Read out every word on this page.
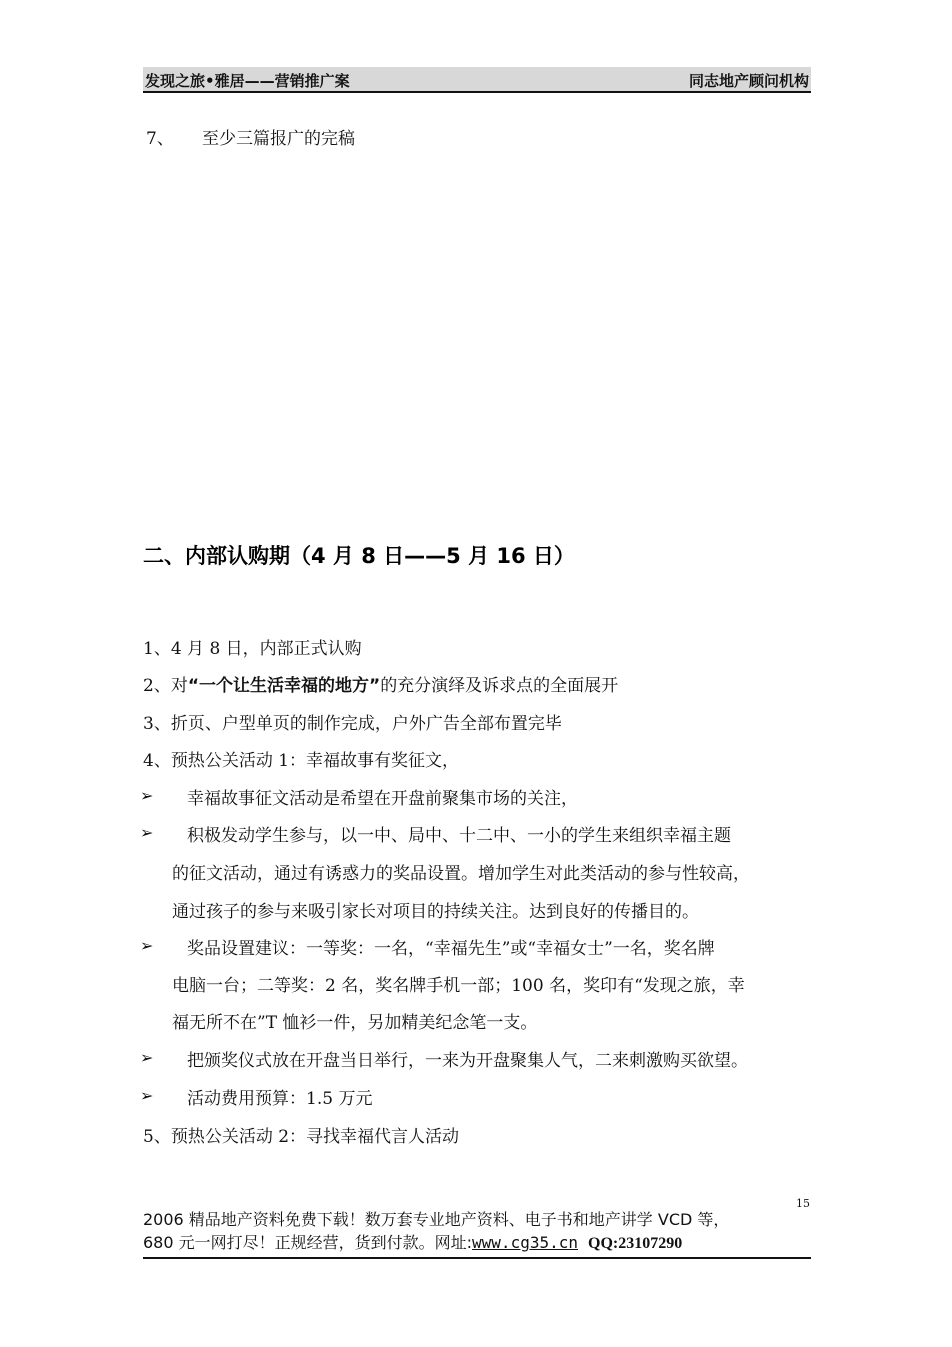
发现之旅•雅居——营销推广案	同志地产顾问机构
7、 至少三篇报广的完稿
二、内部认购期（4 月 8 日——5 月 16 日）
1、4 月 8 日，内部正式认购
2、对“一个让生活幸福的地方”的充分演绎及诉求点的全面展开
3、折页、户型单页的制作完成，户外广告全部布置完毕
4、预热公关活动 1：幸福故事有奖征文，
➢ 幸福故事征文活动是希望在开盘前聚集市场的关注，
➢ 积极发动学生参与，以一中、局中、十二中、一小的学生来组织幸福主题
的征文活动，通过有诱惑力的奖品设置。增加学生对此类活动的参与性较高，
通过孩子的参与来吸引家长对项目的持续关注。达到良好的传播目的。
➢ 奖品设置建议：一等奖：一名，“幸福先生”或“幸福女士”一名，奖名牌
电脑一台；二等奖：2 名，奖名牌手机一部；100 名，奖印有“发现之旅，幸
福无所不在”T 恤衫一件，另加精美纪念笔一支。
➢ 把颁奖仪式放在开盘当日举行，一来为开盘聚集人气，二来刺激购买欲望。
➢ 活动费用预算：1.5 万元
5、预热公关活动 2：寻找幸福代言人活动
15
2006 精品地产资料免费下载！数万套专业地产资料、电子书和地产讲学 VCD 等，
680 元一网打尽！正规经营，货到付款。网址:www.cg35.cn QQ:23107290
